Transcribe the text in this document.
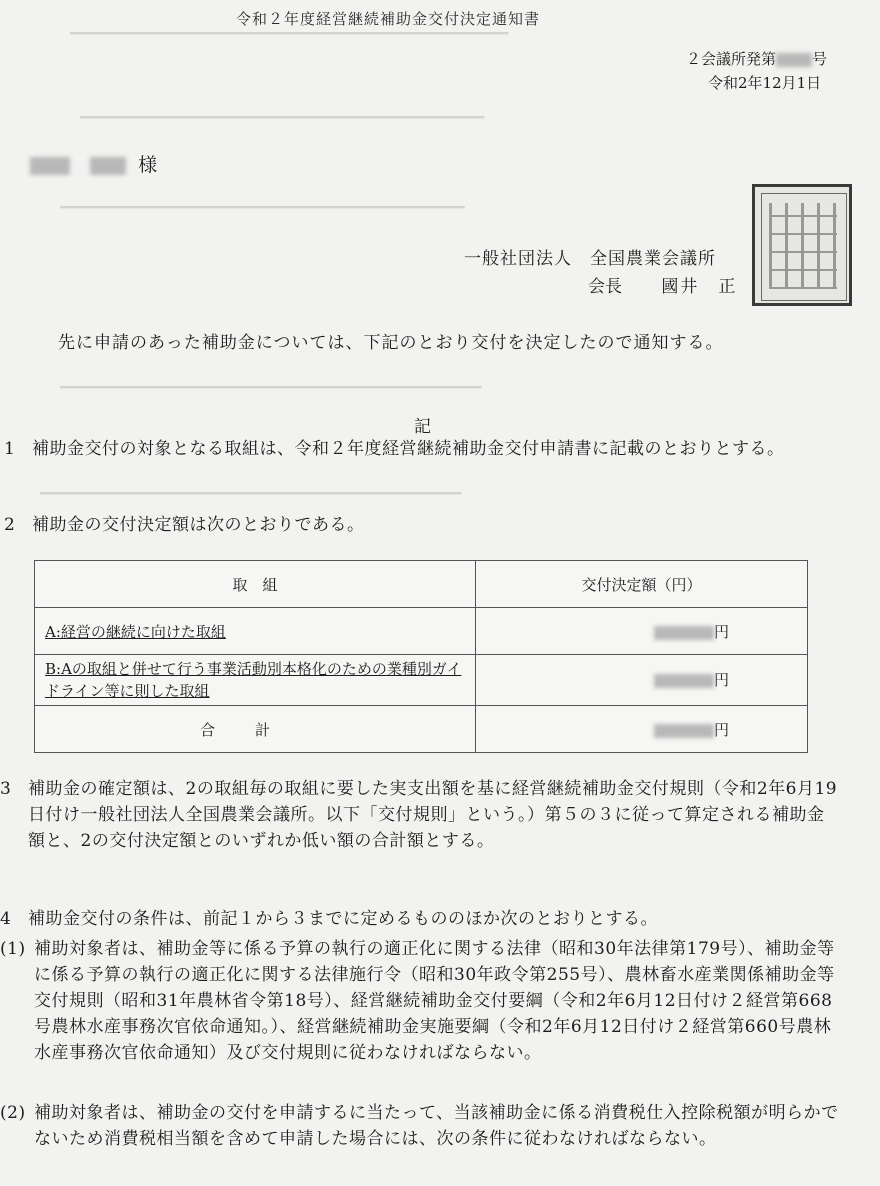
━━━━━━━━━━━━━━━━━━━━━━━━━━━━━━━━━━━━━━━━━━━━━━━━━━━━
━━━━━━━━━━━━━━━━━━━━━━━━━━━━━━━━━━━━━━━━━━━━━━━━
━━━━━━━━━━━━━━━━━━━━━━━━━━━━━━━━━━━━━━━━━━━━━━━━
━━━━━━━━━━━━━━━━━━━━━━━━━━━━━━━━━━━━━━━━━━━━━━━━━━
━━━━━━━━━━━━━━━━━━━━━━━━━━━━━━━━━━━━━━━━━━━━━━━━━━
令和２年度経営継続補助金交付決定通知書
２会議所発第 号
令和2年12月1日
様
一般社団法人　全国農業会議所
会長 國井　正
先に申請のあった補助金については、下記のとおり交付を決定したので通知する。
記
1 補助金交付の対象となる取組は、令和２年度経営継続補助金交付申請書に記載のとおりとする。
2 補助金の交付決定額は次のとおりである。
取　組	交付決定額（円）
A:経営の継続に向けた取組	円
B:Aの取組と併せて行う事業活動別本格化のための業種別ガイドライン等に則した取組	円
合計	円
3 補助金の確定額は、2の取組毎の取組に要した実支出額を基に経営継続補助金交付規則（令和2年6月19日付け一般社団法人全国農業会議所。以下「交付規則」という。）第５の３に従って算定される補助金額と、2の交付決定額とのいずれか低い額の合計額とする。
4 補助金交付の条件は、前記１から３までに定めるもののほか次のとおりとする。
(1) 補助対象者は、補助金等に係る予算の執行の適正化に関する法律（昭和30年法律第179号）、補助金等に係る予算の執行の適正化に関する法律施行令（昭和30年政令第255号）、農林畜水産業関係補助金等交付規則（昭和31年農林省令第18号）、経営継続補助金交付要綱（令和2年6月12日付け２経営第668号農林水産事務次官依命通知。）、経営継続補助金実施要綱（令和2年6月12日付け２経営第660号農林水産事務次官依命通知）及び交付規則に従わなければならない。
(2) 補助対象者は、補助金の交付を申請するに当たって、当該補助金に係る消費税仕入控除税額が明らかでないため消費税相当額を含めて申請した場合には、次の条件に従わなければならない。
